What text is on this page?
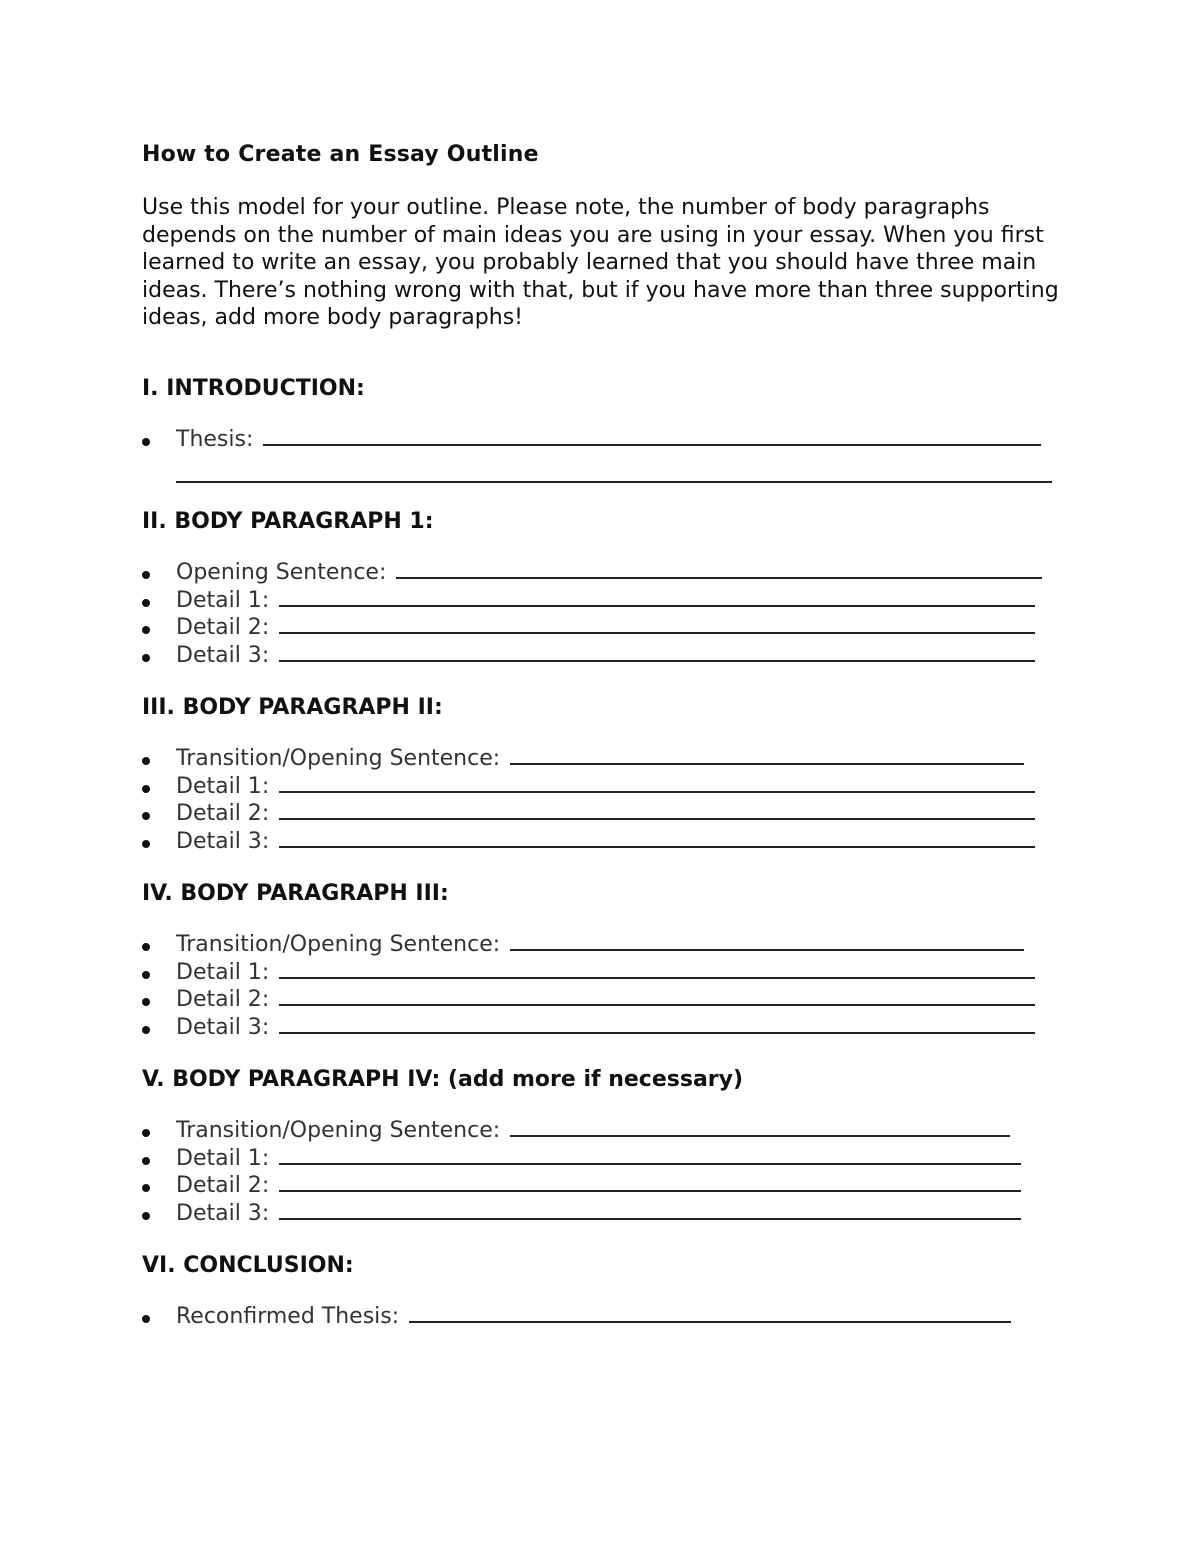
How to Create an Essay Outline

Use this model for your outline. Please note, the number of body paragraphs depends on the number of main ideas you are using in your essay. When you first learned to write an essay, you probably learned that you should have three main ideas. There’s nothing wrong with that, but if you have more than three supporting ideas, add more body paragraphs!

I. INTRODUCTION:
Thesis :
II. BODY PARAGRAPH 1:
Opening Sentence :
Detail 1 :
Detail 2 :
Detail 3 :
III. BODY PARAGRAPH II:
Transition/Opening Sentence :
Detail 1 :
Detail 2 :
Detail 3 :
IV. BODY PARAGRAPH III:
Transition/Opening Sentence :
Detail 1 :
Detail 2 :
Detail 3 :
V. BODY PARAGRAPH IV: (add more if necessary)
Transition/Opening Sentence :
Detail 1 :
Detail 2 :
Detail 3 :
VI. CONCLUSION:
Reconfirmed Thesis :
